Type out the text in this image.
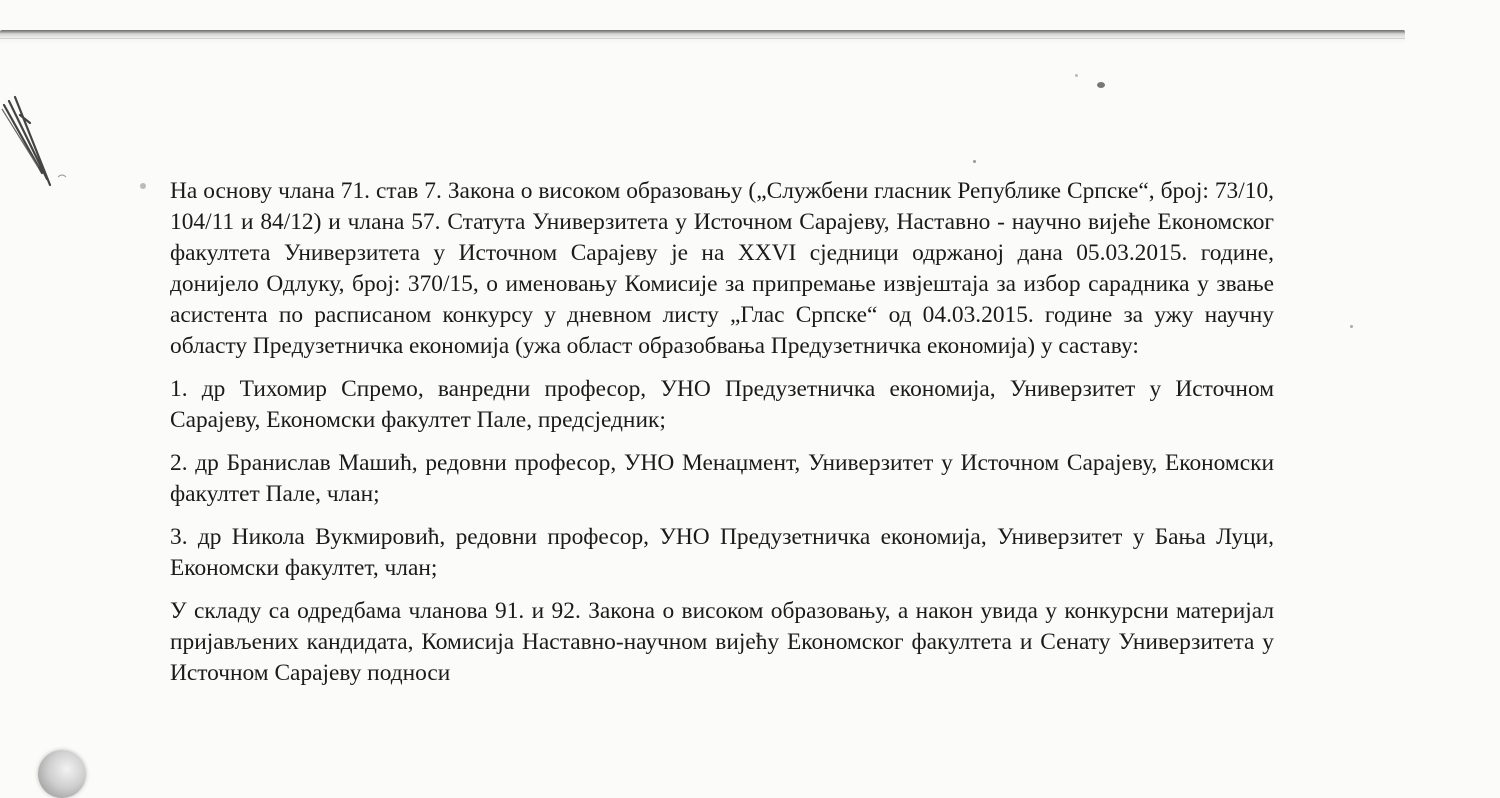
На основу члана 71. став 7. Закона о високом образовању („Службени гласник Републике Српске“, број: 73/10, 104/11 и 84/12) и члана 57. Статута Универзитета у Источном Сарајеву, Наставно - научно вијеће Економског факултета Универзитета у Источном Сарајеву је на XXVI сједници одржаној дана 05.03.2015. године, донијело Одлуку, број: 370/15, о именовању Комисије за припремање извјештаја за избор сарадника у звање асистента по расписаном конкурсу у дневном листу „Глас Српске“ од 04.03.2015. године за ужу научну областу Предузетничка економија (ужа област образобвања Предузетничка економија) у саставу:

1. др Тихомир Спремо, ванредни професор, УНО Предузетничка економија, Универзитет у Источном Сарајеву, Економски факултет Пале, предсједник;

2. др Бранислав Машић, редовни професор, УНО Менаџмент, Универзитет у Источном Сарајеву, Економски факултет Пале, члан;

3. др Никола Вукмировић, редовни професор, УНО Предузетничка економија, Универзитет у Бањa Луци, Економски факултет, члан;

У складу са одредбама чланова 91. и 92. Закона о високом образовању, а након увида у конкурсни материјал пријављених кандидата, Комисија Наставно-научном вијећу Економског факултета и Сенату Универзитета у Источном Сарајеву подноси
